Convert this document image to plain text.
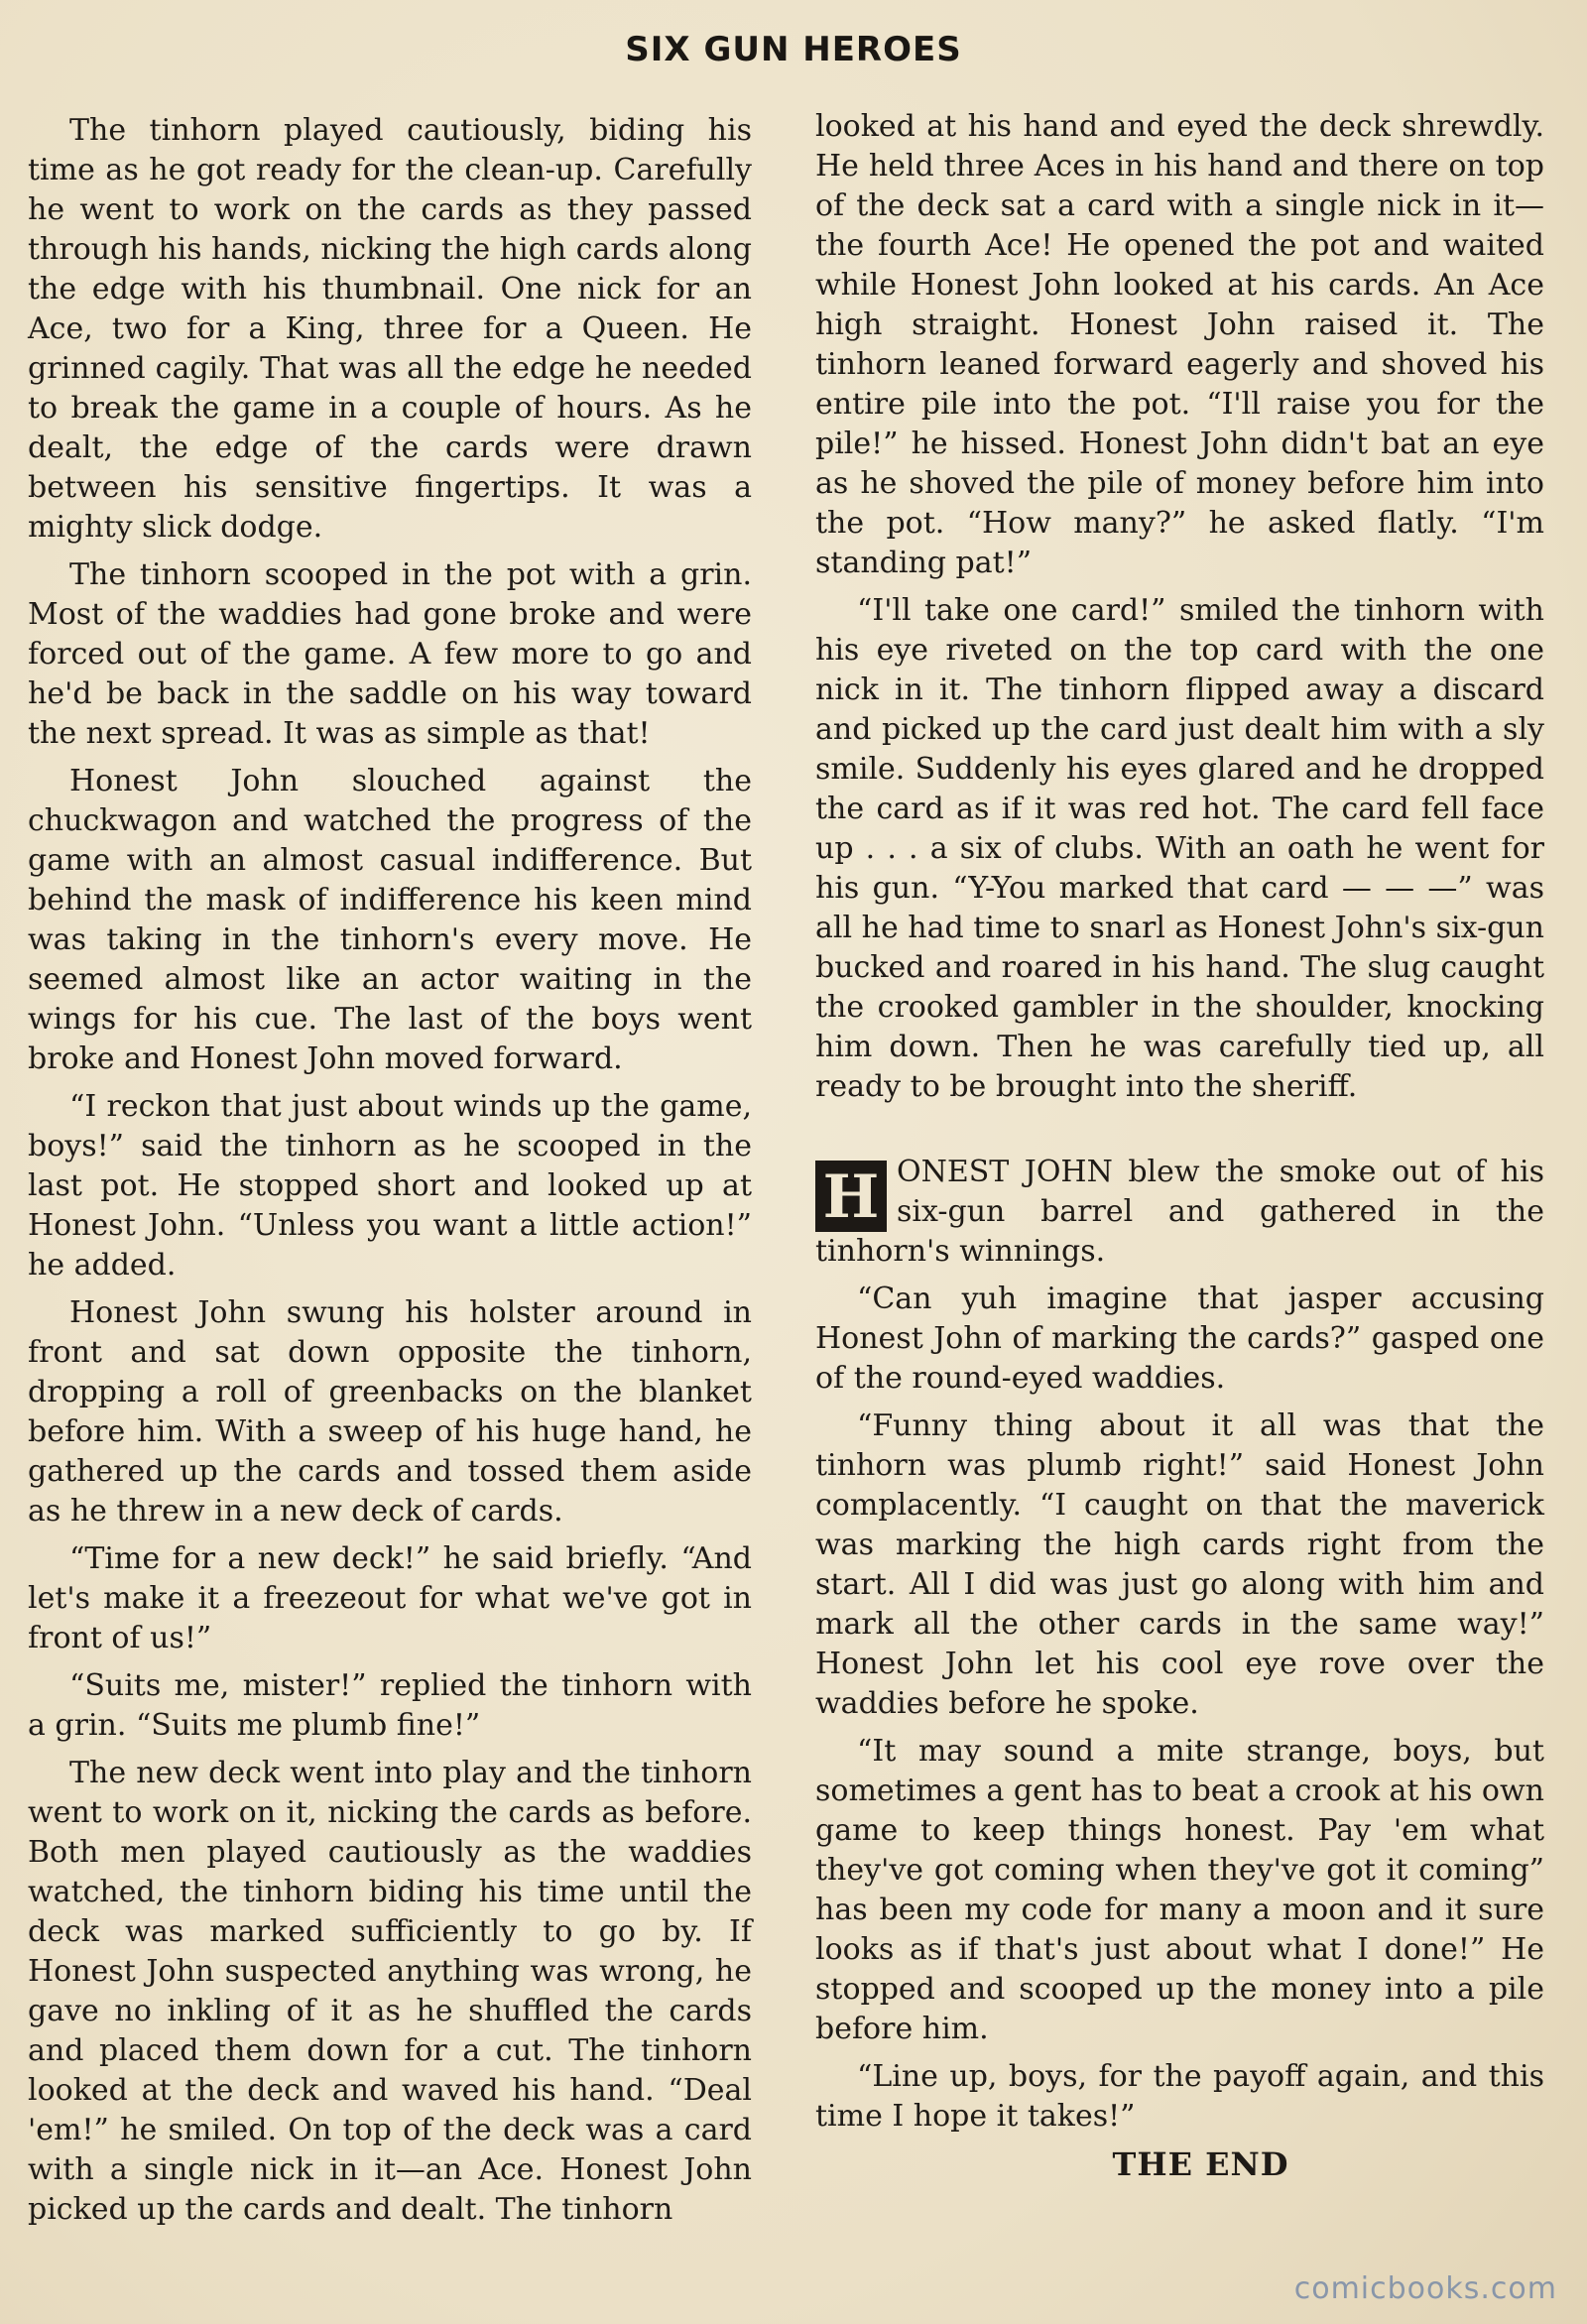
SIX GUN HEROES

The tinhorn played cautiously, biding his time as he got ready for the clean-up. Carefully he went to work on the cards as they passed through his hands, nicking the high cards along the edge with his thumbnail. One nick for an Ace, two for a King, three for a Queen. He grinned cagily. That was all the edge he needed to break the game in a couple of hours. As he dealt, the edge of the cards were drawn between his sensitive fingertips. It was a mighty slick dodge.

The tinhorn scooped in the pot with a grin. Most of the waddies had gone broke and were forced out of the game. A few more to go and he'd be back in the saddle on his way toward the next spread. It was as simple as that!

Honest John slouched against the chuckwagon and watched the progress of the game with an almost casual indifference. But behind the mask of indifference his keen mind was taking in the tinhorn's every move. He seemed almost like an actor waiting in the wings for his cue. The last of the boys went broke and Honest John moved forward.

“I reckon that just about winds up the game, boys!” said the tinhorn as he scooped in the last pot. He stopped short and looked up at Honest John. “Unless you want a little action!” he added.

Honest John swung his holster around in front and sat down opposite the tinhorn, dropping a roll of greenbacks on the blanket before him. With a sweep of his huge hand, he gathered up the cards and tossed them aside as he threw in a new deck of cards.

“Time for a new deck!” he said briefly. “And let's make it a freezeout for what we've got in front of us!”

“Suits me, mister!” replied the tinhorn with a grin. “Suits me plumb fine!”

The new deck went into play and the tinhorn went to work on it, nicking the cards as before. Both men played cautiously as the waddies watched, the tinhorn biding his time until the deck was marked sufficiently to go by. If Honest John suspected anything was wrong, he gave no inkling of it as he shuffled the cards and placed them down for a cut. The tinhorn looked at the deck and waved his hand. “Deal 'em!” he smiled. On top of the deck was a card with a single nick in it—an Ace. Honest John picked up the cards and dealt. The tinhorn

looked at his hand and eyed the deck shrewdly. He held three Aces in his hand and there on top of the deck sat a card with a single nick in it—the fourth Ace! He opened the pot and waited while Honest John looked at his cards. An Ace high straight. Honest John raised it. The tinhorn leaned forward eagerly and shoved his entire pile into the pot. “I'll raise you for the pile!” he hissed. Honest John didn't bat an eye as he shoved the pile of money before him into the pot. “How many?” he asked flatly. “I'm standing pat!”

“I'll take one card!” smiled the tinhorn with his eye riveted on the top card with the one nick in it. The tinhorn flipped away a discard and picked up the card just dealt him with a sly smile. Suddenly his eyes glared and he dropped the card as if it was red hot. The card fell face up . . . a six of clubs. With an oath he went for his gun. “Y-You marked that card — — —” was all he had time to snarl as Honest John's six-gun bucked and roared in his hand. The slug caught the crooked gambler in the shoulder, knocking him down. Then he was carefully tied up, all ready to be brought into the sheriff.

H ONEST JOHN blew the smoke out of his six-gun barrel and gathered in the tinhorn's winnings.

“Can yuh imagine that jasper accusing Honest John of marking the cards?” gasped one of the round-eyed waddies.

“Funny thing about it all was that the tinhorn was plumb right!” said Honest John complacently. “I caught on that the maverick was marking the high cards right from the start. All I did was just go along with him and mark all the other cards in the same way!” Honest John let his cool eye rove over the waddies before he spoke.

“It may sound a mite strange, boys, but sometimes a gent has to beat a crook at his own game to keep things honest. Pay 'em what they've got coming when they've got it coming” has been my code for many a moon and it sure looks as if that's just about what I done!” He stopped and scooped up the money into a pile before him.

“Line up, boys, for the payoff again, and this time I hope it takes!”

THE END

comicbooks.com
